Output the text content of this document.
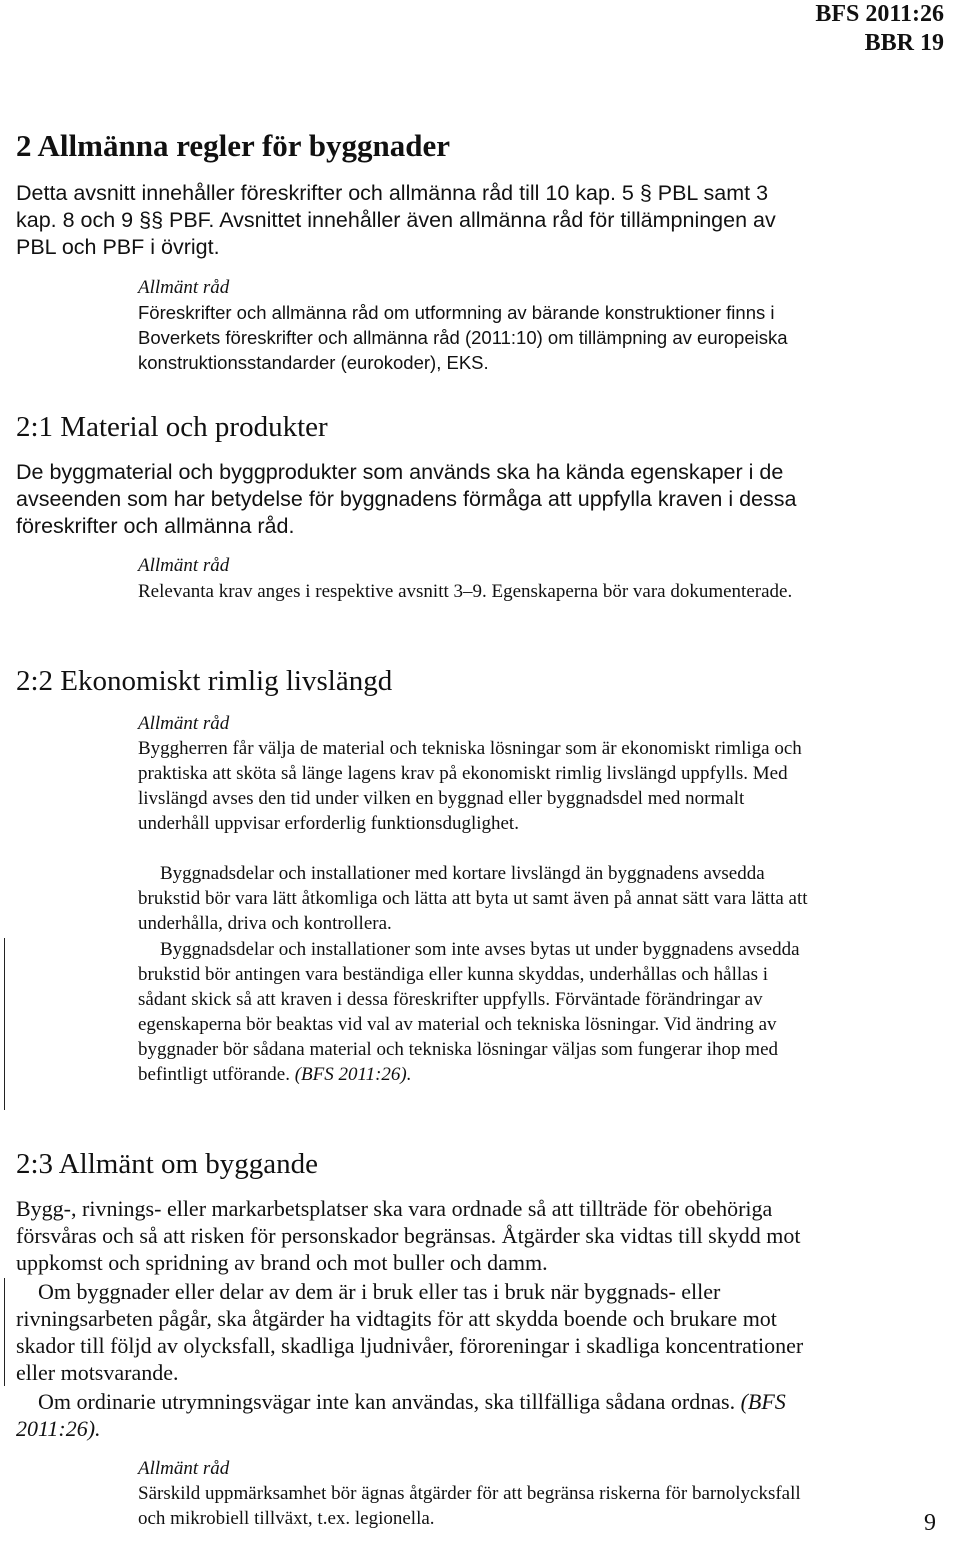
BFS 2011:26
BBR 19
2 Allmänna regler för byggnader

Detta avsnitt innehåller föreskrifter och allmänna råd till 10 kap. 5 § PBL samt 3 kap. 8 och 9 §§ PBF. Avsnittet innehåller även allmänna råd för tillämpningen av PBL och PBF i övrigt.

Allmänt råd

Föreskrifter och allmänna råd om utformning av bärande konstruktioner finns i Boverkets föreskrifter och allmänna råd (2011:10) om tillämpning av europeiska konstruktionsstandarder (eurokoder), EKS.

2:1 Material och produkter

De byggmaterial och byggprodukter som används ska ha kända egenskaper i de avseenden som har betydelse för byggnadens förmåga att uppfylla kraven i dessa föreskrifter och allmänna råd.

Allmänt råd

Relevanta krav anges i respektive avsnitt 3–9. Egenskaperna bör vara dokumenterade.

2:2 Ekonomiskt rimlig livslängd
Allmänt råd

Byggherren får välja de material och tekniska lösningar som är ekonomiskt rimliga och praktiska att sköta så länge lagens krav på ekonomiskt rimlig livslängd uppfylls. Med livslängd avses den tid under vilken en byggnad eller byggnadsdel med normalt underhåll uppvisar erforderlig funktionsduglighet.

Byggnadsdelar och installationer med kortare livslängd än byggnadens avsedda brukstid bör vara lätt åtkomliga och lätta att byta ut samt även på annat sätt vara lätta att underhålla, driva och kontrollera.

Byggnadsdelar och installationer som inte avses bytas ut under byggnadens avsedda brukstid bör antingen vara beständiga eller kunna skyddas, underhållas och hållas i sådant skick så att kraven i dessa föreskrifter uppfylls. Förväntade förändringar av egenskaperna bör beaktas vid val av material och tekniska lösningar. Vid ändring av byggnader bör sådana material och tekniska lösningar väljas som fungerar ihop med befintligt utförande. (BFS 2011:26).

2:3 Allmänt om byggande

Bygg-, rivnings- eller markarbetsplatser ska vara ordnade så att tillträde för obehöriga försvåras och så att risken för personskador begränsas. Åtgärder ska vidtas till skydd mot uppkomst och spridning av brand och mot buller och damm.

Om byggnader eller delar av dem är i bruk eller tas i bruk när byggnads- eller rivningsarbeten pågår, ska åtgärder ha vidtagits för att skydda boende och brukare mot skador till följd av olycksfall, skadliga ljudnivåer, föroreningar i skadliga koncentrationer eller motsvarande.

Om ordinarie utrymningsvägar inte kan användas, ska tillfälliga sådana ordnas. (BFS 2011:26).

Allmänt råd

Särskild uppmärksamhet bör ägnas åtgärder för att begränsa riskerna för barnolycksfall och mikrobiell tillväxt, t.ex. legionella.	9
